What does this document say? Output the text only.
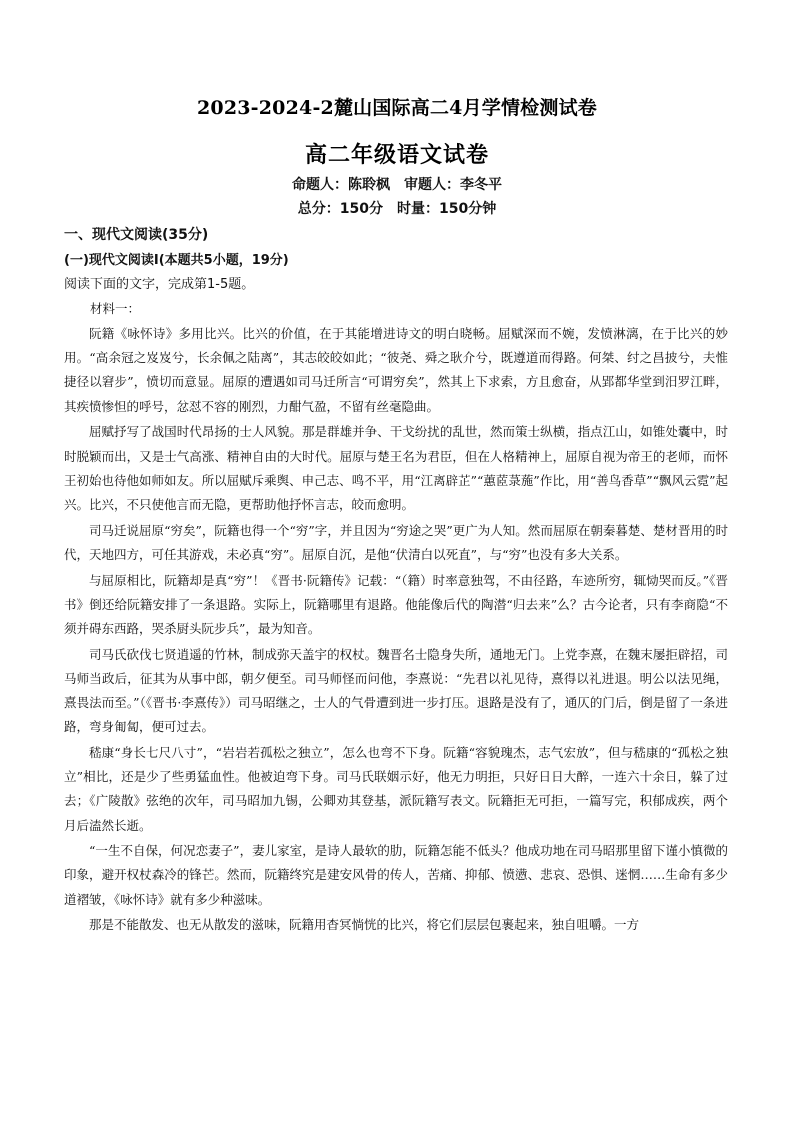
2023-2024-2麓山国际高二4月学情检测试卷
高二年级语文试卷
命题人：陈聆枫　审题人：李冬平
总分：150分　时量：150分钟
一、现代文阅读(35分)
(一)现代文阅读Ⅰ(本题共5小题，19分)
阅读下面的文字，完成第1-5题。
材料一：

阮籍《咏怀诗》多用比兴。比兴的价值，在于其能增进诗文的明白晓畅。屈赋深而不婉，发愤淋漓，在于比兴的妙用。“高余冠之岌岌兮，长余佩之陆离”，其志皎皎如此；“彼尧、舜之耿介兮，既遵道而得路。何桀、纣之昌披兮，夫惟捷径以窘步”，愤切而意显。屈原的遭遇如司马迁所言“可谓穷矣”，然其上下求索，方且愈奋，从郢都华堂到汨罗江畔，其疾愤惨怛的呼号，忿怼不容的刚烈，力酣气盈，不留有丝毫隐曲。

屈赋抒写了战国时代昂扬的士人风貌。那是群雄并争、干戈纷扰的乱世，然而策士纵横，指点江山，如锥处囊中，时时脱颖而出，又是士气高涨、精神自由的大时代。屈原与楚王名为君臣，但在人格精神上，屈原自视为帝王的老师，而怀王初始也待他如师如友。所以屈赋斥乘舆、申己志、鸣不平，用“江离辟芷”“蕙茝菉葹”作比，用“善鸟香草”“飘风云霓”起兴。比兴，不只使他言而无隐，更帮助他抒怀言志，皎而愈明。

司马迁说屈原“穷矣”，阮籍也得一个“穷”字，并且因为“穷途之哭”更广为人知。然而屈原在朝秦暮楚、楚材晋用的时代，天地四方，可任其游戏，未必真“穷”。屈原自沉，是他“伏清白以死直”，与“穷”也没有多大关系。

与屈原相比，阮籍却是真“穷”！《晋书·阮籍传》记载：“（籍）时率意独驾，不由径路，车迹所穷，辄恸哭而反。”《晋书》倒还给阮籍安排了一条退路。实际上，阮籍哪里有退路。他能像后代的陶潜“归去来”么？古今论者，只有李商隐“不须并碍东西路，哭杀厨头阮步兵”，最为知音。

司马氏砍伐七贤逍遥的竹林，制成弥天盖宇的权杖。魏晋名士隐身失所，通地无门。上党李熹，在魏末屡拒辟招，司马师当政后，征其为从事中郎，朝夕便至。司马师怪而问他，李熹说：“先君以礼见待，熹得以礼进退。明公以法见绳，熹畏法而至。”（《晋书·李熹传》）司马昭继之，士人的气骨遭到进一步打压。退路是没有了，通仄的门后，倒是留了一条进路，弯身匍匐，便可过去。

嵇康“身长七尺八寸”，“岩岩若孤松之独立”，怎么也弯不下身。阮籍“容貌瑰杰，志气宏放”，但与嵇康的“孤松之独立”相比，还是少了些勇猛血性。他被迫弯下身。司马氏联姻示好，他无力明拒，只好日日大醉，一连六十余日，躲了过去；《广陵散》弦绝的次年，司马昭加九锡，公卿劝其登基，派阮籍写表文。阮籍拒无可拒，一篇写完，积郁成疾，两个月后溘然长逝。

“一生不自保，何况恋妻子”，妻儿家室，是诗人最软的肋，阮籍怎能不低头？他成功地在司马昭那里留下谨小慎微的印象，避开权杖森冷的锋芒。然而，阮籍终究是建安风骨的传人，苦痛、抑郁、愤懑、悲哀、恐惧、迷惘……生命有多少道褶皱，《咏怀诗》就有多少种滋味。

那是不能散发、也无从散发的滋味，阮籍用杳冥惝恍的比兴，将它们层层包裹起来，独自咀嚼。一方
